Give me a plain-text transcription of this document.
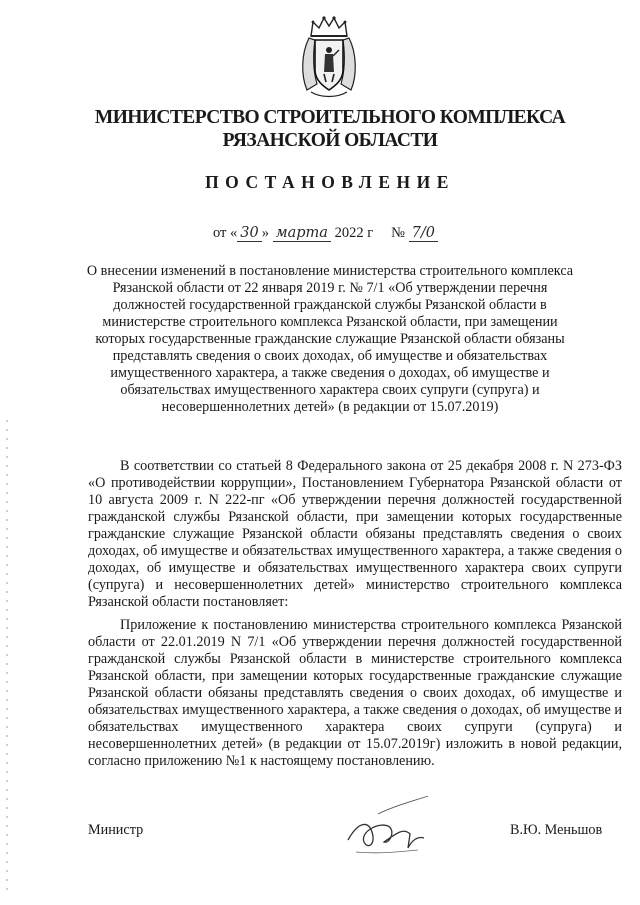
МИНИСТЕРСТВО СТРОИТЕЛЬНОГО КОМПЛЕКСА
РЯЗАНСКОЙ ОБЛАСТИ
ПОСТАНОВЛЕНИЕ
от « 30 » марта 2022 г № 7/0
О внесении изменений в постановление министерства строительного комплекса Рязанской области от 22 января 2019 г. № 7/1 «Об утверждении перечня должностей государственной гражданской службы Рязанской области в министерстве строительного комплекса Рязанской области, при замещении которых государственные гражданские служащие Рязанской области обязаны представлять сведения о своих доходах, об имуществе и обязательствах имущественного характера, а также сведения о доходах, об имуществе и обязательствах имущественного характера своих супруги (супруга) и несовершеннолетних детей» (в редакции от 15.07.2019)
В соответствии со статьей 8 Федерального закона от 25 декабря 2008 г. N 273-ФЗ «О противодействии коррупции», Постановлением Губернатора Рязанской области от 10 августа 2009 г. N 222-пг «Об утверждении перечня должностей государственной гражданской службы Рязанской области, при замещении которых государственные гражданские служащие Рязанской области обязаны представлять сведения о своих доходах, об имуществе и обязательствах имущественного характера, а также сведения о доходах, об имуществе и обязательствах имущественного характера своих супруги (супруга) и несовершеннолетних детей» министерство строительного комплекса Рязанской области постановляет:
Приложение к постановлению министерства строительного комплекса Рязанской области от 22.01.2019 N 7/1 «Об утверждении перечня должностей государственной гражданской службы Рязанской области в министерстве строительного комплекса Рязанской области, при замещении которых государственные гражданские служащие Рязанской области обязаны представлять сведения о своих доходах, об имуществе и обязательствах имущественного характера, а также сведения о доходах, об имуществе и обязательствах имущественного характера своих супруги (супруга) и несовершеннолетних детей» (в редакции от 15.07.2019г) изложить в новой редакции, согласно приложению №1 к настоящему постановлению.
Министр	В.Ю. Меньшов
